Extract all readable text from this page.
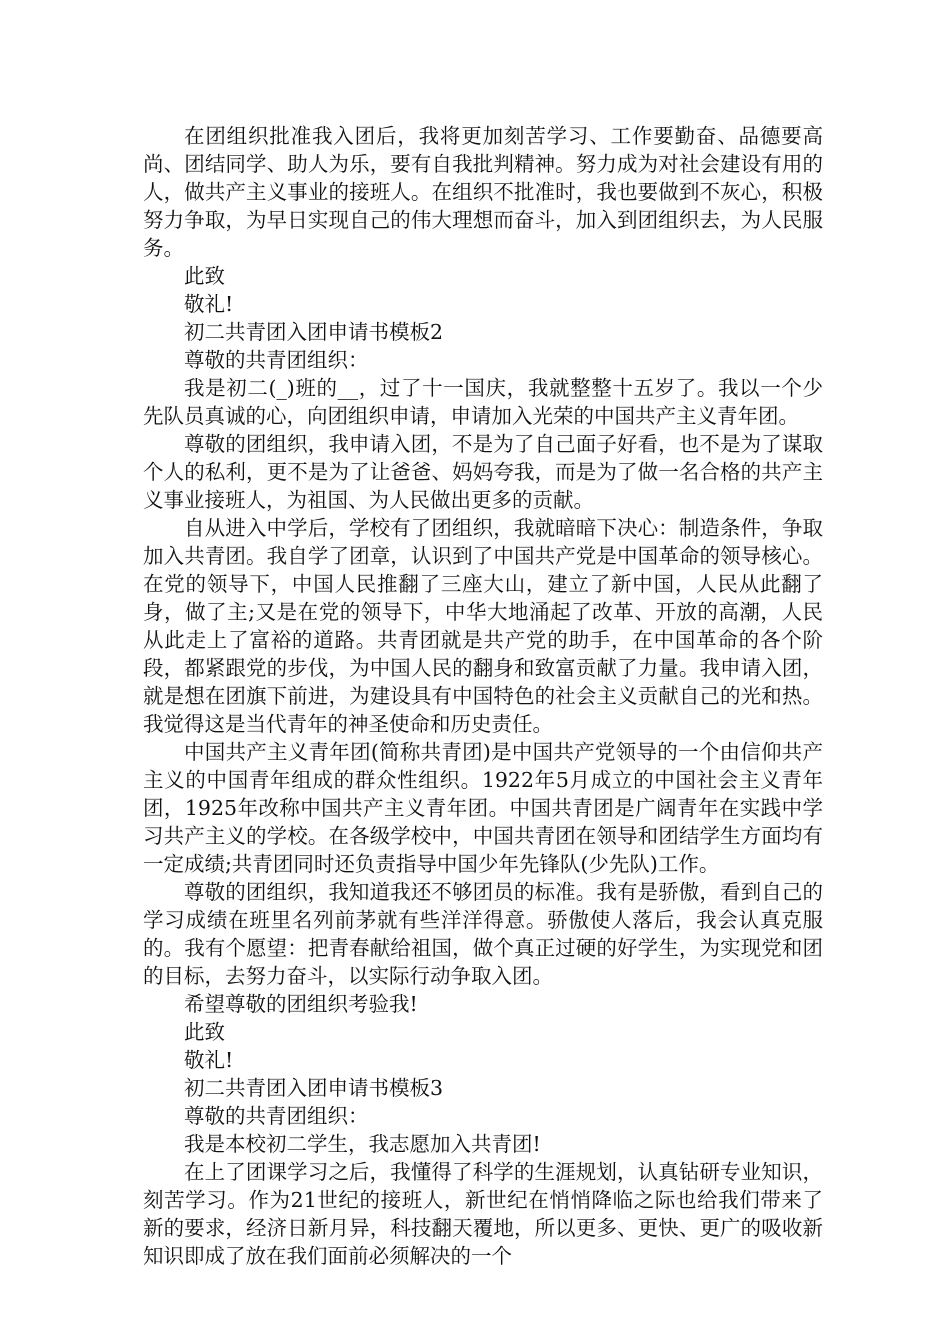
在团组织批准我入团后，我将更加刻苦学习、工作要勤奋、品德要高尚、团结同学、助人为乐，要有自我批判精神。努力成为对社会建设有用的人，做共产主义事业的接班人。在组织不批准时，我也要做到不灰心，积极努力争取，为早日实现自己的伟大理想而奋斗，加入到团组织去，为人民服务。

此致

敬礼!

初二共青团入团申请书模板2

尊敬的共青团组织：

我是初二(_)班的__，过了十一国庆，我就整整十五岁了。我以一个少先队员真诚的心，向团组织申请，申请加入光荣的中国共产主义青年团。

尊敬的团组织，我申请入团，不是为了自己面子好看，也不是为了谋取个人的私利，更不是为了让爸爸、妈妈夸我，而是为了做一名合格的共产主义事业接班人，为祖国、为人民做出更多的贡献。

自从进入中学后，学校有了团组织，我就暗暗下决心：制造条件，争取加入共青团。我自学了团章，认识到了中国共产党是中国革命的领导核心。在党的领导下，中国人民推翻了三座大山，建立了新中国，人民从此翻了身，做了主;又是在党的领导下，中华大地涌起了改革、开放的高潮，人民从此走上了富裕的道路。共青团就是共产党的助手，在中国革命的各个阶段，都紧跟党的步伐，为中国人民的翻身和致富贡献了力量。我申请入团，就是想在团旗下前进，为建设具有中国特色的社会主义贡献自己的光和热。我觉得这是当代青年的神圣使命和历史责任。

中国共产主义青年团(简称共青团)是中国共产党领导的一个由信仰共产主义的中国青年组成的群众性组织。1922年5月成立的中国社会主义青年团，1925年改称中国共产主义青年团。中国共青团是广阔青年在实践中学习共产主义的学校。在各级学校中，中国共青团在领导和团结学生方面均有一定成绩;共青团同时还负责指导中国少年先锋队(少先队)工作。

尊敬的团组织，我知道我还不够团员的标准。我有是骄傲，看到自己的学习成绩在班里名列前茅就有些洋洋得意。骄傲使人落后，我会认真克服的。我有个愿望：把青春献给祖国，做个真正过硬的好学生，为实现党和团的目标，去努力奋斗，以实际行动争取入团。

希望尊敬的团组织考验我!

此致

敬礼!

初二共青团入团申请书模板3

尊敬的共青团组织：

我是本校初二学生，我志愿加入共青团!

在上了团课学习之后，我懂得了科学的生涯规划，认真钻研专业知识，刻苦学习。作为21世纪的接班人，新世纪在悄悄降临之际也给我们带来了新的要求，经济日新月异，科技翻天覆地，所以更多、更快、更广的吸收新知识即成了放在我们面前必须解决的一个
